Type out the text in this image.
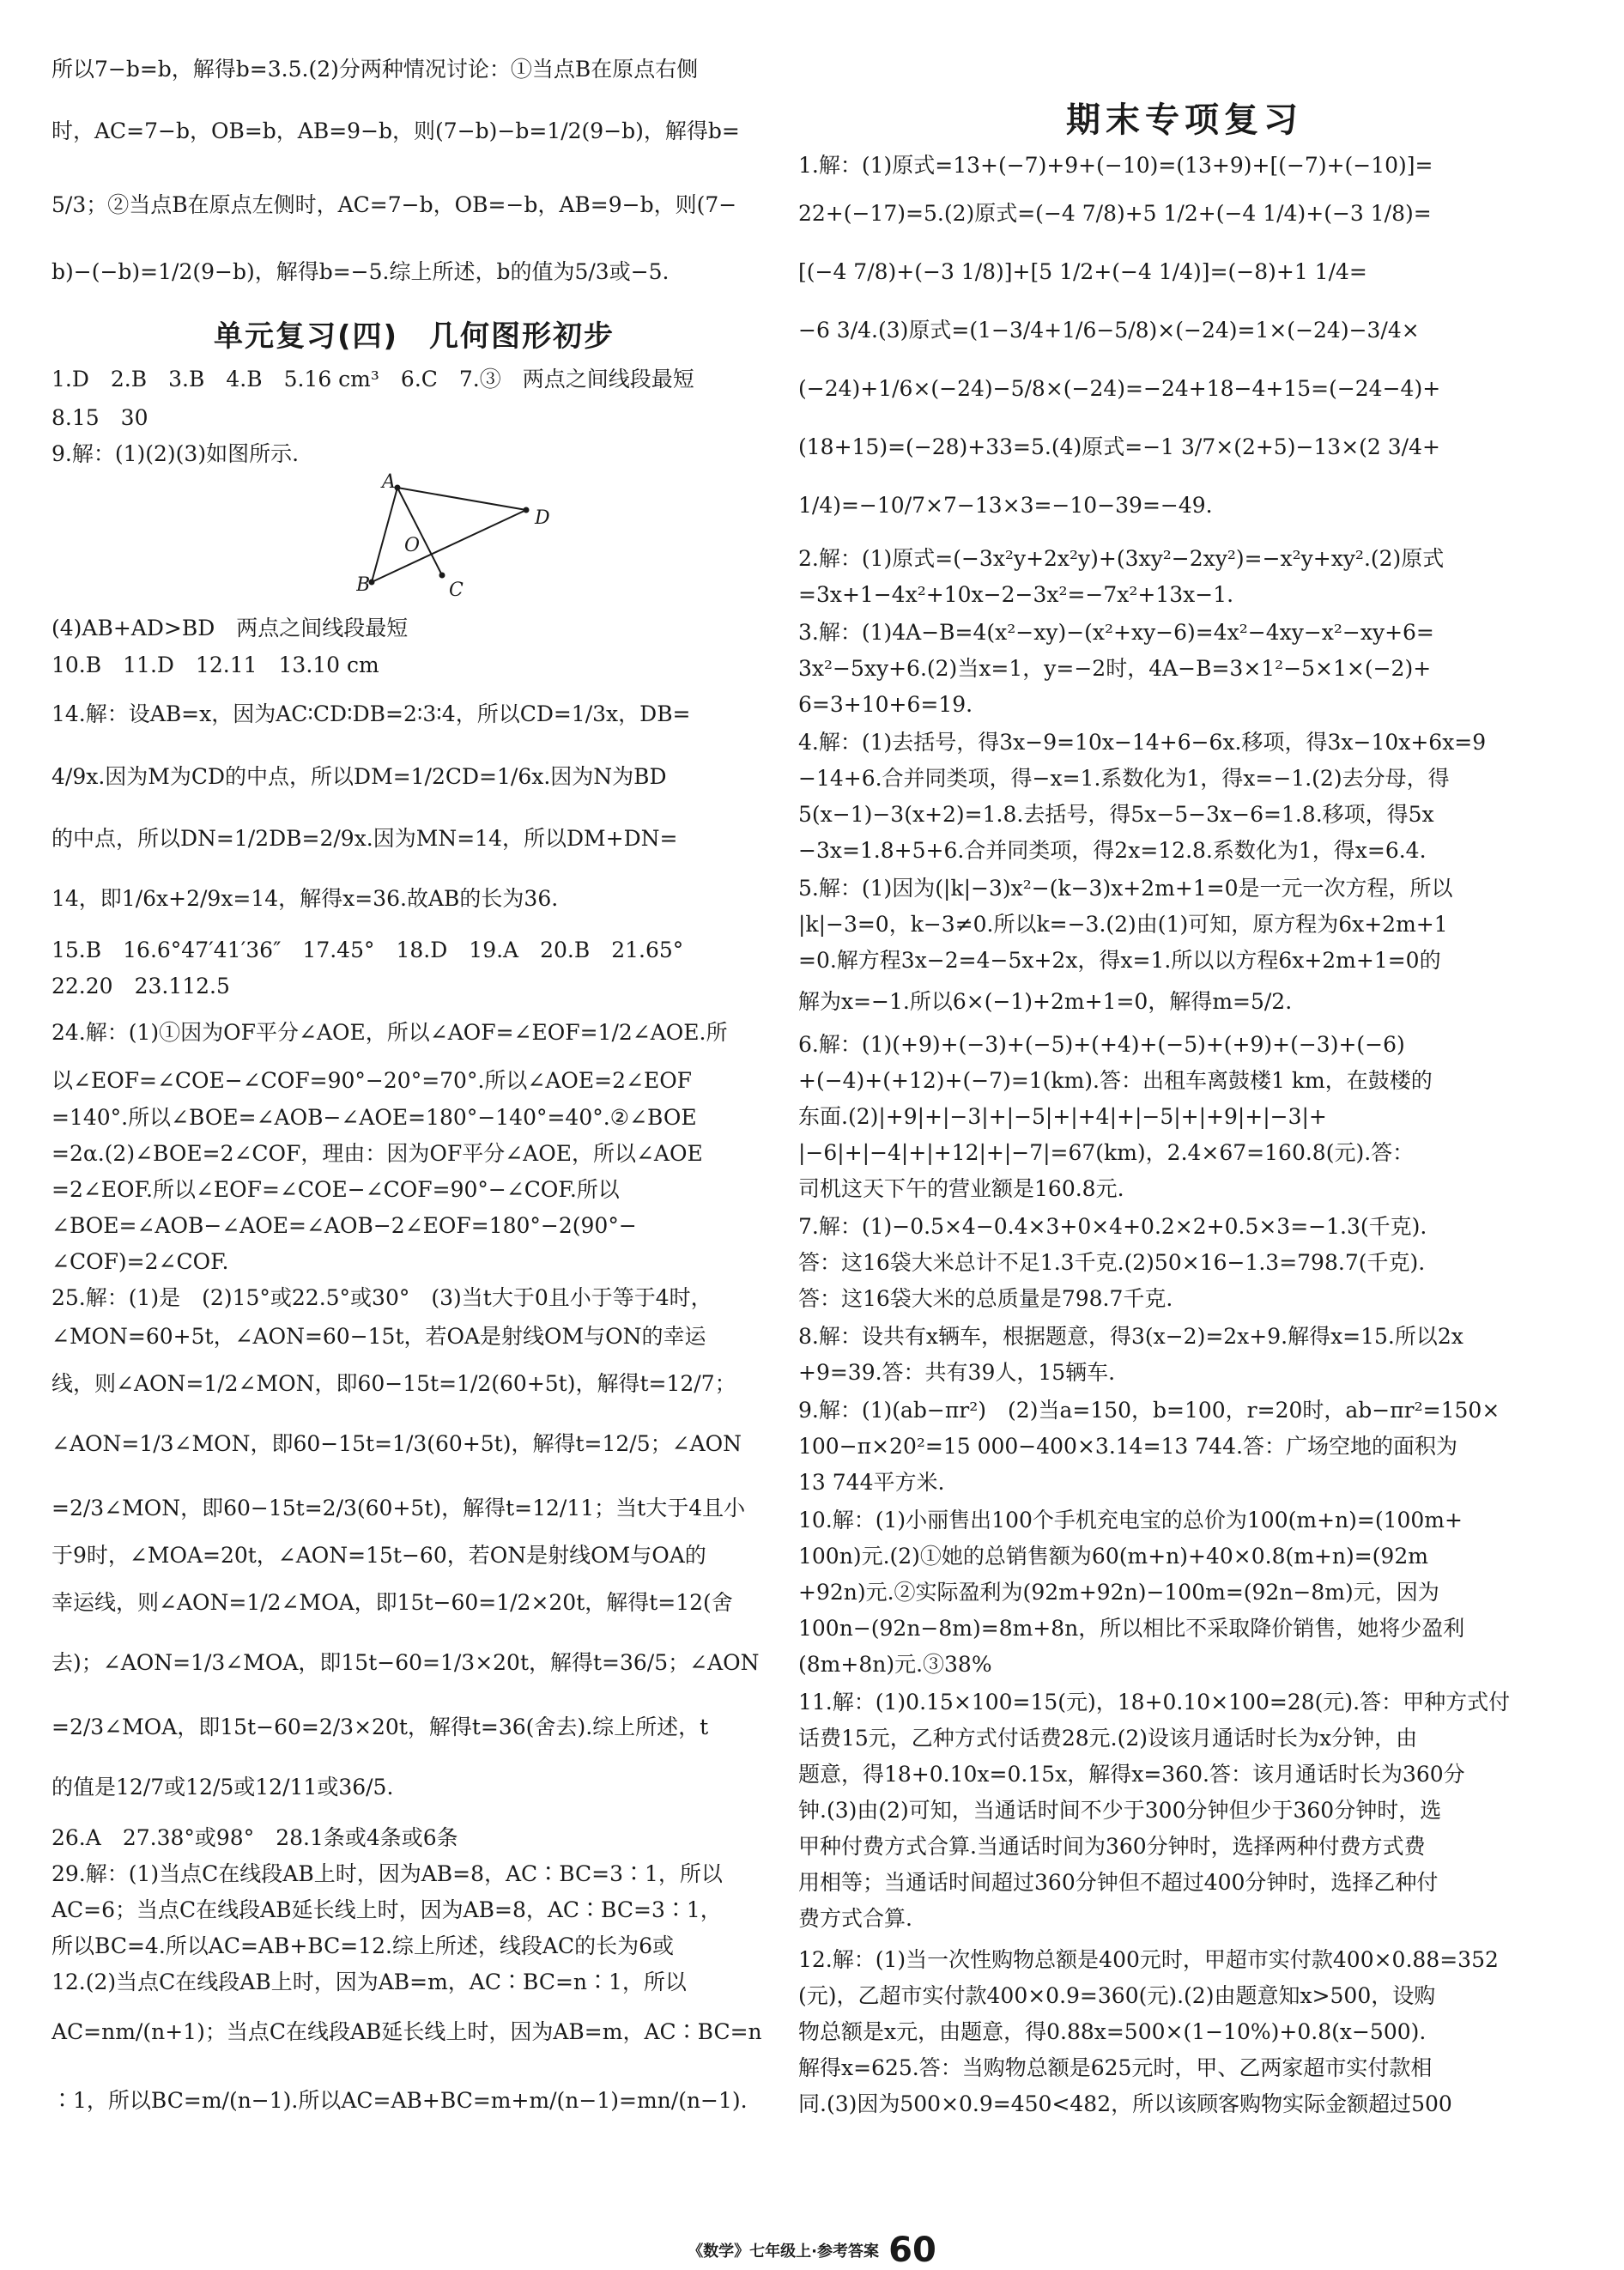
所以7−b=b，解得b=3.5.(2)分两种情况讨论：①当点B在原点右侧
时，AC=7−b，OB=b，AB=9−b，则(7−b)−b=1/2(9−b)，解得b=
5/3；②当点B在原点左侧时，AC=7−b，OB=−b，AB=9−b，则(7−
b)−(−b)=1/2(9−b)，解得b=−5.综上所述，b的值为5/3或−5.
单元复习(四)　几何图形初步
1.D　2.B　3.B　4.B　5.16 cm³　6.C　7.③　两点之间线段最短
8.15　30
9.解：(1)(2)(3)如图所示.
A
D
O
B	C
(4)AB+AD>BD　两点之间线段最短
10.B　11.D　12.11　13.10 cm
14.解：设AB=x，因为AC∶CD∶DB=2∶3∶4，所以CD=1/3x，DB=
4/9x.因为M为CD的中点，所以DM=1/2CD=1/6x.因为N为BD
的中点，所以DN=1/2DB=2/9x.因为MN=14，所以DM+DN=
14，即1/6x+2/9x=14，解得x=36.故AB的长为36.
15.B　16.6°47′41′36″　17.45°　18.D　19.A　20.B　21.65°
22.20　23.112.5
24.解：(1)①因为OF平分∠AOE，所以∠AOF=∠EOF=1/2∠AOE.所
以∠EOF=∠COE−∠COF=90°−20°=70°.所以∠AOE=2∠EOF
=140°.所以∠BOE=∠AOB−∠AOE=180°−140°=40°.②∠BOE
=2α.(2)∠BOE=2∠COF，理由：因为OF平分∠AOE，所以∠AOE
=2∠EOF.所以∠EOF=∠COE−∠COF=90°−∠COF.所以
∠BOE=∠AOB−∠AOE=∠AOB−2∠EOF=180°−2(90°−
∠COF)=2∠COF.
25.解：(1)是　(2)15°或22.5°或30°　(3)当t大于0且小于等于4时，
∠MON=60+5t，∠AON=60−15t，若OA是射线OM与ON的幸运
线，则∠AON=1/2∠MON，即60−15t=1/2(60+5t)，解得t=12/7；
∠AON=1/3∠MON，即60−15t=1/3(60+5t)，解得t=12/5；∠AON
=2/3∠MON，即60−15t=2/3(60+5t)，解得t=12/11；当t大于4且小
于9时，∠MOA=20t，∠AON=15t−60，若ON是射线OM与OA的
幸运线，则∠AON=1/2∠MOA，即15t−60=1/2×20t，解得t=12(舍
去)；∠AON=1/3∠MOA，即15t−60=1/3×20t，解得t=36/5；∠AON
=2/3∠MOA，即15t−60=2/3×20t，解得t=36(舍去).综上所述，t
的值是12/7或12/5或12/11或36/5.
26.A　27.38°或98°　28.1条或4条或6条
29.解：(1)当点C在线段AB上时，因为AB=8，AC∶BC=3∶1，所以
AC=6；当点C在线段AB延长线上时，因为AB=8，AC∶BC=3∶1，
所以BC=4.所以AC=AB+BC=12.综上所述，线段AC的长为6或
12.(2)当点C在线段AB上时，因为AB=m，AC∶BC=n∶1，所以
AC=nm/(n+1)；当点C在线段AB延长线上时，因为AB=m，AC∶BC=n
∶1，所以BC=m/(n−1).所以AC=AB+BC=m+m/(n−1)=mn/(n−1).
期末专项复习
1.解：(1)原式=13+(−7)+9+(−10)=(13+9)+[(−7)+(−10)]=
22+(−17)=5.(2)原式=(−4 7/8)+5 1/2+(−4 1/4)+(−3 1/8)=
[(−4 7/8)+(−3 1/8)]+[5 1/2+(−4 1/4)]=(−8)+1 1/4=
−6 3/4.(3)原式=(1−3/4+1/6−5/8)×(−24)=1×(−24)−3/4×
(−24)+1/6×(−24)−5/8×(−24)=−24+18−4+15=(−24−4)+
(18+15)=(−28)+33=5.(4)原式=−1 3/7×(2+5)−13×(2 3/4+
1/4)=−10/7×7−13×3=−10−39=−49.
2.解：(1)原式=(−3x²y+2x²y)+(3xy²−2xy²)=−x²y+xy².(2)原式
=3x+1−4x²+10x−2−3x²=−7x²+13x−1.
3.解：(1)4A−B=4(x²−xy)−(x²+xy−6)=4x²−4xy−x²−xy+6=
3x²−5xy+6.(2)当x=1，y=−2时，4A−B=3×1²−5×1×(−2)+
6=3+10+6=19.
4.解：(1)去括号，得3x−9=10x−14+6−6x.移项，得3x−10x+6x=9
−14+6.合并同类项，得−x=1.系数化为1，得x=−1.(2)去分母，得
5(x−1)−3(x+2)=1.8.去括号，得5x−5−3x−6=1.8.移项，得5x
−3x=1.8+5+6.合并同类项，得2x=12.8.系数化为1，得x=6.4.
5.解：(1)因为(|k|−3)x²−(k−3)x+2m+1=0是一元一次方程，所以
|k|−3=0，k−3≠0.所以k=−3.(2)由(1)可知，原方程为6x+2m+1
=0.解方程3x−2=4−5x+2x，得x=1.所以以方程6x+2m+1=0的
解为x=−1.所以6×(−1)+2m+1=0，解得m=5/2.
6.解：(1)(+9)+(−3)+(−5)+(+4)+(−5)+(+9)+(−3)+(−6)
+(−4)+(+12)+(−7)=1(km).答：出租车离鼓楼1 km，在鼓楼的
东面.(2)|+9|+|−3|+|−5|+|+4|+|−5|+|+9|+|−3|+
|−6|+|−4|+|+12|+|−7|=67(km)，2.4×67=160.8(元).答：
司机这天下午的营业额是160.8元.
7.解：(1)−0.5×4−0.4×3+0×4+0.2×2+0.5×3=−1.3(千克).
答：这16袋大米总计不足1.3千克.(2)50×16−1.3=798.7(千克).
答：这16袋大米的总质量是798.7千克.
8.解：设共有x辆车，根据题意，得3(x−2)=2x+9.解得x=15.所以2x
+9=39.答：共有39人，15辆车.
9.解：(1)(ab−πr²)　(2)当a=150，b=100，r=20时，ab−πr²=150×
100−π×20²=15 000−400×3.14=13 744.答：广场空地的面积为
13 744平方米.
10.解：(1)小丽售出100个手机充电宝的总价为100(m+n)=(100m+
100n)元.(2)①她的总销售额为60(m+n)+40×0.8(m+n)=(92m
+92n)元.②实际盈利为(92m+92n)−100m=(92n−8m)元，因为
100n−(92n−8m)=8m+8n，所以相比不采取降价销售，她将少盈利
(8m+8n)元.③38%
11.解：(1)0.15×100=15(元)，18+0.10×100=28(元).答：甲种方式付
话费15元，乙种方式付话费28元.(2)设该月通话时长为x分钟，由
题意，得18+0.10x=0.15x，解得x=360.答：该月通话时长为360分
钟.(3)由(2)可知，当通话时间不少于300分钟但少于360分钟时，选
甲种付费方式合算.当通话时间为360分钟时，选择两种付费方式费
用相等；当通话时间超过360分钟但不超过400分钟时，选择乙种付
费方式合算.
12.解：(1)当一次性购物总额是400元时，甲超市实付款400×0.88=352
(元)，乙超市实付款400×0.9=360(元).(2)由题意知x>500，设购
物总额是x元，由题意，得0.88x=500×(1−10%)+0.8(x−500).
解得x=625.答：当购物总额是625元时，甲、乙两家超市实付款相
同.(3)因为500×0.9=450<482，所以该顾客购物实际金额超过500
《数学》七年级上·参考答案 60
